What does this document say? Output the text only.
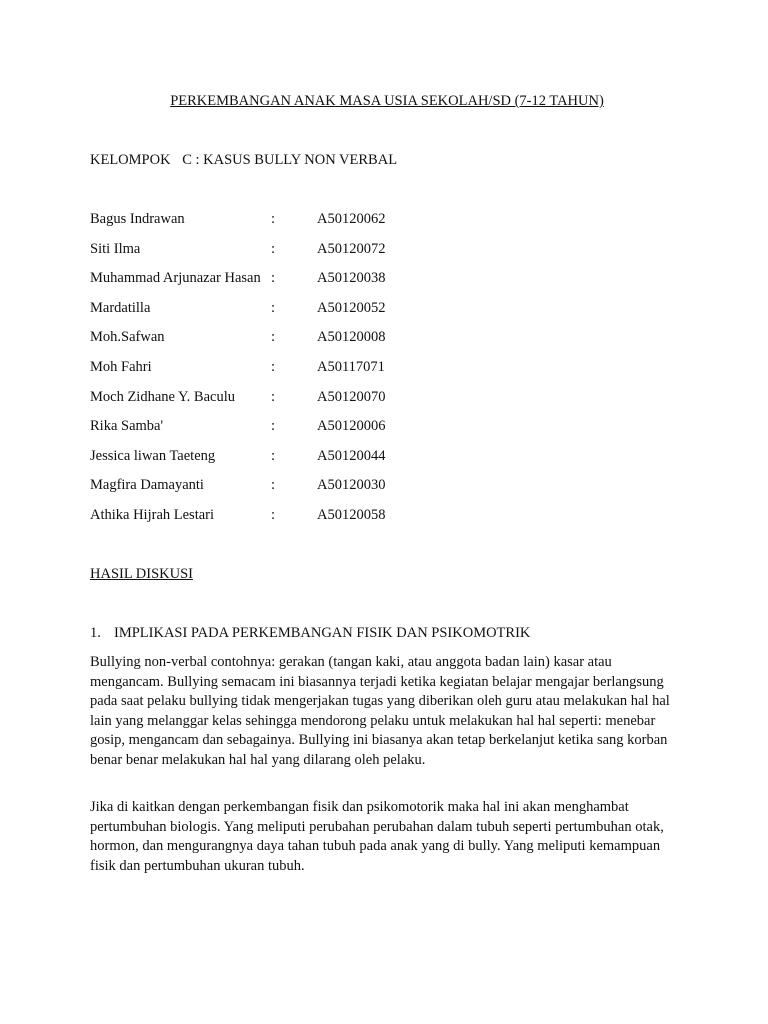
PERKEMBANGAN ANAK MASA USIA SEKOLAH/SD (7-12 TAHUN)
KELOMPOK C : KASUS BULLY NON VERBAL
Bagus Indrawan	:	A50120062
Siti Ilma	:	A50120072
Muhammad Arjunazar Hasan :	A50120038
Mardatilla	:	A50120052
Moh.Safwan	:	A50120008
Moh Fahri	:	A50117071
Moch Zidhane Y. Baculu :	A50120070
Rika Samba'	:	A50120006
Jessica liwan Taeteng	:	A50120044
Magfira Damayanti	:	A50120030
Athika Hijrah Lestari	:	A50120058
HASIL DISKUSI
1. IMPLIKASI PADA PERKEMBANGAN FISIK DAN PSIKOMOTRIK

Bullying non-verbal contohnya: gerakan (tangan kaki, atau anggota badan lain) kasar atau mengancam. Bullying semacam ini biasannya terjadi ketika kegiatan belajar mengajar berlangsung pada saat pelaku bullying tidak mengerjakan tugas yang diberikan oleh guru atau melakukan hal hal lain yang melanggar kelas sehingga mendorong pelaku untuk melakukan hal hal seperti: menebar gosip, mengancam dan sebagainya. Bullying ini biasanya akan tetap berkelanjut ketika sang korban benar benar melakukan hal hal yang dilarang oleh pelaku.

Jika di kaitkan dengan perkembangan fisik dan psikomotorik maka hal ini akan menghambat pertumbuhan biologis. Yang meliputi perubahan perubahan dalam tubuh seperti pertumbuhan otak, hormon, dan mengurangnya daya tahan tubuh pada anak yang di bully. Yang meliputi kemampuan fisik dan pertumbuhan ukuran tubuh.
